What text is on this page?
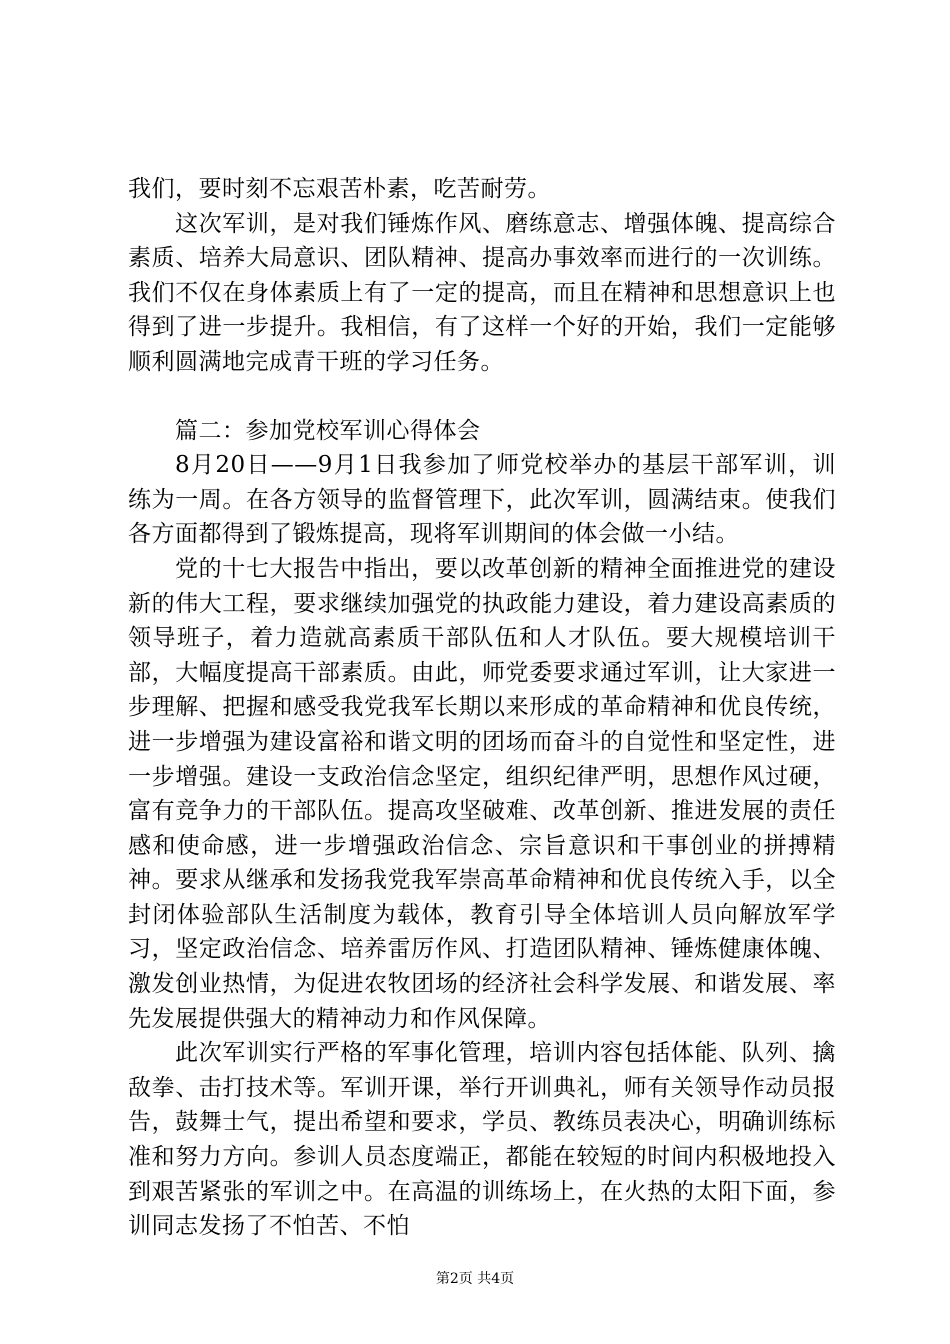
我们，要时刻不忘艰苦朴素，吃苦耐劳。

这次军训，是对我们锤炼作风、磨练意志、增强体魄、提高综合素质、培养大局意识、团队精神、提高办事效率而进行的一次训练。我们不仅在身体素质上有了一定的提高，而且在精神和思想意识上也得到了进一步提升。我相信，有了这样一个好的开始，我们一定能够顺利圆满地完成青干班的学习任务。

篇二：参加党校军训心得体会

8月20日——9月1日我参加了师党校举办的基层干部军训，训练为一周。在各方领导的监督管理下，此次军训，圆满结束。使我们各方面都得到了锻炼提高，现将军训期间的体会做一小结。

党的十七大报告中指出，要以改革创新的精神全面推进党的建设新的伟大工程，要求继续加强党的执政能力建设，着力建设高素质的领导班子，着力造就高素质干部队伍和人才队伍。要大规模培训干部，大幅度提高干部素质。由此，师党委要求通过军训，让大家进一步理解、把握和感受我党我军长期以来形成的革命精神和优良传统，进一步增强为建设富裕和谐文明的团场而奋斗的自觉性和坚定性，进一步增强。建设一支政治信念坚定，组织纪律严明，思想作风过硬，富有竞争力的干部队伍。提高攻坚破难、改革创新、推进发展的责任感和使命感，进一步增强政治信念、宗旨意识和干事创业的拼搏精神。要求从继承和发扬我党我军崇高革命精神和优良传统入手，以全封闭体验部队生活制度为载体，教育引导全体培训人员向解放军学习，坚定政治信念、培养雷厉作风、打造团队精神、锤炼健康体魄、激发创业热情，为促进农牧团场的经济社会科学发展、和谐发展、率先发展提供强大的精神动力和作风保障。

此次军训实行严格的军事化管理，培训内容包括体能、队列、擒敌拳、击打技术等。军训开课，举行开训典礼，师有关领导作动员报告，鼓舞士气，提出希望和要求，学员、教练员表决心，明确训练标准和努力方向。参训人员态度端正，都能在较短的时间内积极地投入到艰苦紧张的军训之中。在高温的训练场上，在火热的太阳下面，参训同志发扬了不怕苦、不怕

第2页 共4页
